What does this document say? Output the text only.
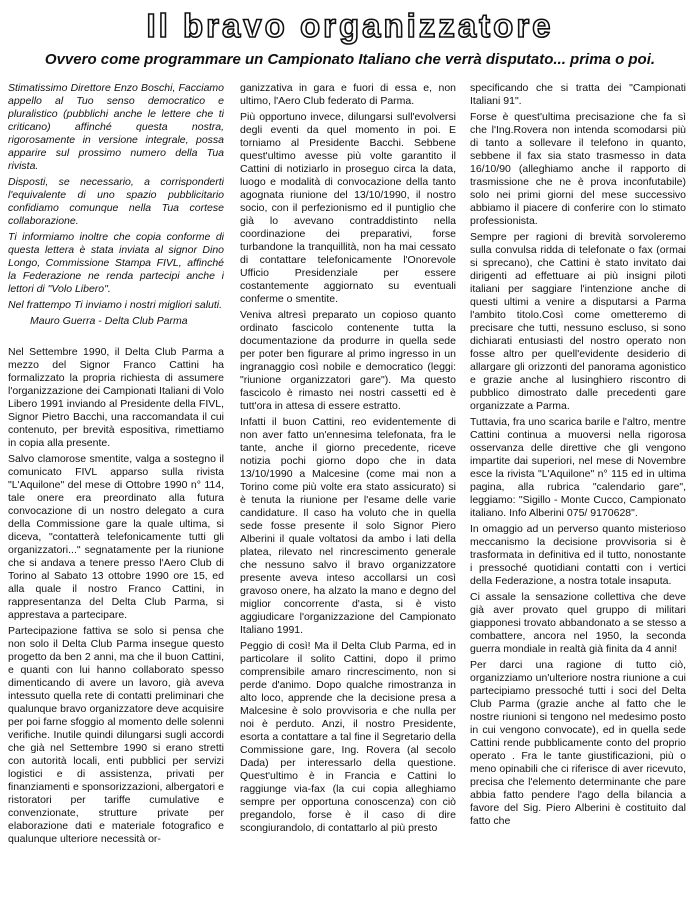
Il bravo organizzatore
Ovvero come programmare un Campionato Italiano che verrà disputato... prima o poi.

Stimatissimo Direttore Enzo Boschi, Facciamo appello al Tuo senso democratico e pluralistico (pubblichi anche le lettere che ti criticano) affinché questa nostra, rigorosamente in versione integrale, possa apparire sul prossimo numero della Tua rivista.

Disposti, se necessario, a corrisponderti l'equivalente di uno spazio pubblicitario confidiamo comunque nella Tua cortese collaborazione.

Ti informiamo inoltre che copia conforme di questa lettera è stata inviata al signor Dino Longo, Commissione Stampa FIVL, affinché la Federazione ne renda partecipi anche i lettori di "Volo Libero".

Nel frattempo Ti inviamo i nostri migliori saluti.

Mauro Guerra - Delta Club Parma

Nel Settembre 1990, il Delta Club Parma a mezzo del Signor Franco Cattini ha formalizzato la propria richiesta di assumere l'organizzazione dei Campionati Italiani di Volo Libero 1991 inviando al Presidente della FIVL, Signor Pietro Bacchi, una raccomandata il cui contenuto, per brevità espositiva, rimettiamo in copia alla presente.

Salvo clamorose smentite, valga a sostegno il comunicato FIVL apparso sulla rivista "L'Aquilone" del mese di Ottobre 1990 n° 114, tale onere era preordinato alla futura convocazione di un nostro delegato a cura della Commissione gare la quale ultima, si diceva, "contatterà telefonicamente tutti gli organizzatori..." segnatamente per la riunione che si andava a tenere presso l'Aero Club di Torino al Sabato 13 ottobre 1990 ore 15, ed alla quale il nostro Franco Cattini, in rappresentanza del Delta Club Parma, si apprestava a partecipare.

Partecipazione fattiva se solo si pensa che non solo il Delta Club Parma insegue questo progetto da ben 2 anni, ma che il buon Cattini, e quanti con lui hanno collaborato spesso dimenticando di avere un lavoro, già aveva intessuto quella rete di contatti preliminari che qualunque bravo organizzatore deve acquisire per poi farne sfoggio al momento delle solenni verifiche. Inutile quindi dilungarsi sugli accordi che già nel Settembre 1990 si erano stretti con autorità locali, enti pubblici per servizi logistici e di assistenza, privati per finanziamenti e sponsorizzazioni, albergatori e ristoratori per tariffe cumulative e convenzionate, strutture private per elaborazione dati e materiale fotografico e qualunque ulteriore necessità or-

ganizzativa in gara e fuori di essa e, non ultimo, l'Aero Club federato di Parma.

Più opportuno invece, dilungarsi sull'evolversi degli eventi da quel momento in poi. E torniamo al Presidente Bacchi. Sebbene quest'ultimo avesse più volte garantito il Cattini di notiziarlo in proseguo circa la data, luogo e modalità di convocazione della tanto agognata riunione del 13/10/1990, il nostro socio, con il perfezionismo ed il puntiglio che già lo avevano contraddistinto nella coordinazione dei preparativi, forse turbandone la tranquillità, non ha mai cessato di contattare telefonicamente l'Onorevole Ufficio Presidenziale per essere costantemente aggiornato su eventuali conferme o smentite.

Veniva altresì preparato un copioso quanto ordinato fascicolo contenente tutta la documentazione da produrre in quella sede per poter ben figurare al primo ingresso in un ingranaggio così nobile e democratico (leggi: "riunione organizzatori gare"). Ma questo fascicolo è rimasto nei nostri cassetti ed è tutt'ora in attesa di essere estratto.

Infatti il buon Cattini, reo evidentemente di non aver fatto un'ennesima telefonata, fra le tante, anche il giorno precedente, riceve notizia pochi giorno dopo che in data 13/10/1990 a Malcesine (come mai non a Torino come più volte era stato assicurato) si è tenuta la riunione per l'esame delle varie candidature. Il caso ha voluto che in quella sede fosse presente il solo Signor Piero Alberini il quale voltatosi da ambo i lati della platea, rilevato nel rincrescimento generale che nessuno salvo il bravo organizzatore presente aveva inteso accollarsi un così gravoso onere, ha alzato la mano e degno del miglior concorrente d'asta, si è visto aggiudicare l'organizzazione del Campionato Italiano 1991.

Peggio di così! Ma il Delta Club Parma, ed in particolare il solito Cattini, dopo il primo comprensibile amaro rincrescimento, non si perde d'animo. Dopo qualche rimostranza in alto loco, apprende che la decisione presa a Malcesine è solo provvisoria e che nulla per noi è perduto. Anzi, il nostro Presidente, esorta a contattare a tal fine il Segretario della Commissione gare, Ing. Rovera (al secolo Dada) per interessarlo della questione. Quest'ultimo è in Francia e Cattini lo raggiunge via-fax (la cui copia alleghiamo sempre per opportuna conoscenza) con ciò pregandolo, forse è il caso di dire scongiurandolo, di contattarlo al più presto

specificando che si tratta dei "Campionati Italiani 91".

Forse è quest'ultima precisazione che fa sì che l'Ing.Rovera non intenda scomodarsi più di tanto a sollevare il telefono in quanto, sebbene il fax sia stato trasmesso in data 16/10/90 (alleghiamo anche il rapporto di trasmissione che ne è prova inconfutabile) solo nei primi giorni del mese successivo abbiamo il piacere di conferire con lo stimato professionista.

Sempre per ragioni di brevità sorvoleremo sulla convulsa ridda di telefonate o fax (ormai si sprecano), che Cattini è stato invitato dai dirigenti ad effettuare ai più insigni piloti italiani per saggiare l'intenzione anche di questi ultimi a venire a disputarsi a Parma l'ambito titolo.Così come ometteremo di precisare che tutti, nessuno escluso, si sono dichiarati entusiasti del nostro operato non fosse altro per quell'evidente desiderio di allargare gli orizzonti del panorama agonistico e grazie anche al lusinghiero riscontro di pubblico dimostrato dalle precedenti gare organizzate a Parma.

Tuttavia, fra uno scarica barile e l'altro, mentre Cattini continua a muoversi nella rigorosa osservanza delle direttive che gli vengono impartite dai superiori, nel mese di Novembre esce la rivista "L'Aquilone" n° 115 ed in ultima pagina, alla rubrica "calendario gare", leggiamo: "Sigillo - Monte Cucco, Campionato italiano. Info Alberini 075/ 9170628".

In omaggio ad un perverso quanto misterioso meccanismo la decisione provvisoria si è trasformata in definitiva ed il tutto, nonostante i pressoché quotidiani contatti con i vertici della Federazione, a nostra totale insaputa.

Ci assale la sensazione collettiva che deve già aver provato quel gruppo di militari giapponesi trovato abbandonato a se stesso a combattere, ancora nel 1950, la seconda guerra mondiale in realtà già finita da 4 anni!

Per darci una ragione di tutto ciò, organizziamo un'ulteriore nostra riunione a cui partecipiamo pressoché tutti i soci del Delta Club Parma (grazie anche al fatto che le nostre riunioni si tengono nel medesimo posto in cui vengono convocate), ed in quella sede Cattini rende pubblicamente conto del proprio operato . Fra le tante giustificazioni, più o meno opinabili che ci riferisce di aver ricevuto, precisa che l'elemento determinante che pare abbia fatto pendere l'ago della bilancia a favore del Sig. Piero Alberini è costituito dal fatto che
